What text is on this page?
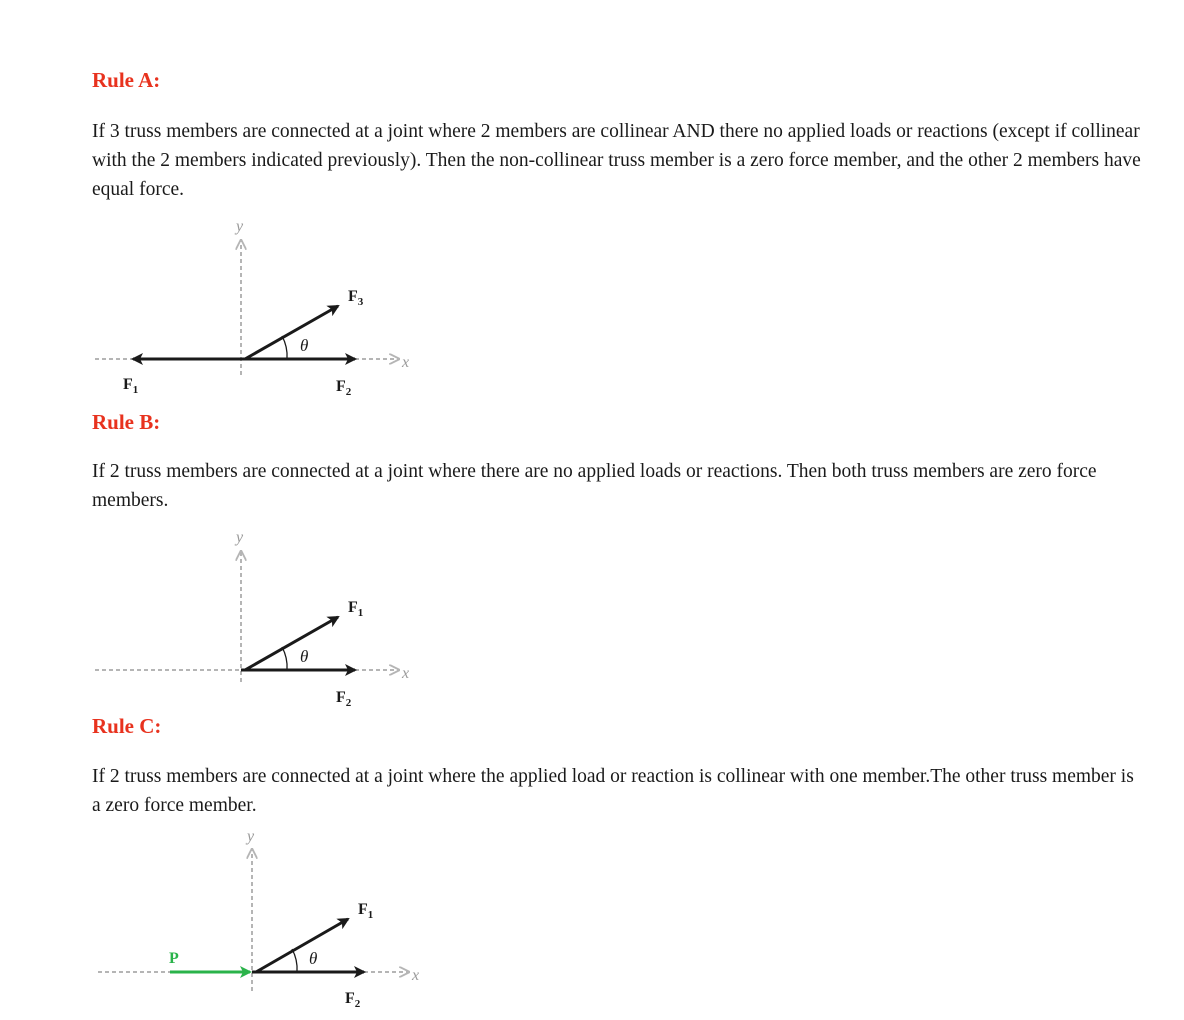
Rule A:

If 3 truss members are connected at a joint where 2 members are collinear AND there no applied loads or reactions (except if collinear with the 2 members indicated previously). Then the non-collinear truss member is a zero force member, and the other 2 members have equal force.

y
x
θ
$F_3$
$F_2$
$F_1$
Rule B:

If 2 truss members are connected at a joint where there are no applied loads or reactions. Then both truss members are zero force members.

y
x
θ
$F_1$
$F_2$
Rule C:

If 2 truss members are connected at a joint where the applied load or reaction is collinear with one member.The other truss member is a zero force member.

y
x
P	θ
$F_1$
$F_2$
